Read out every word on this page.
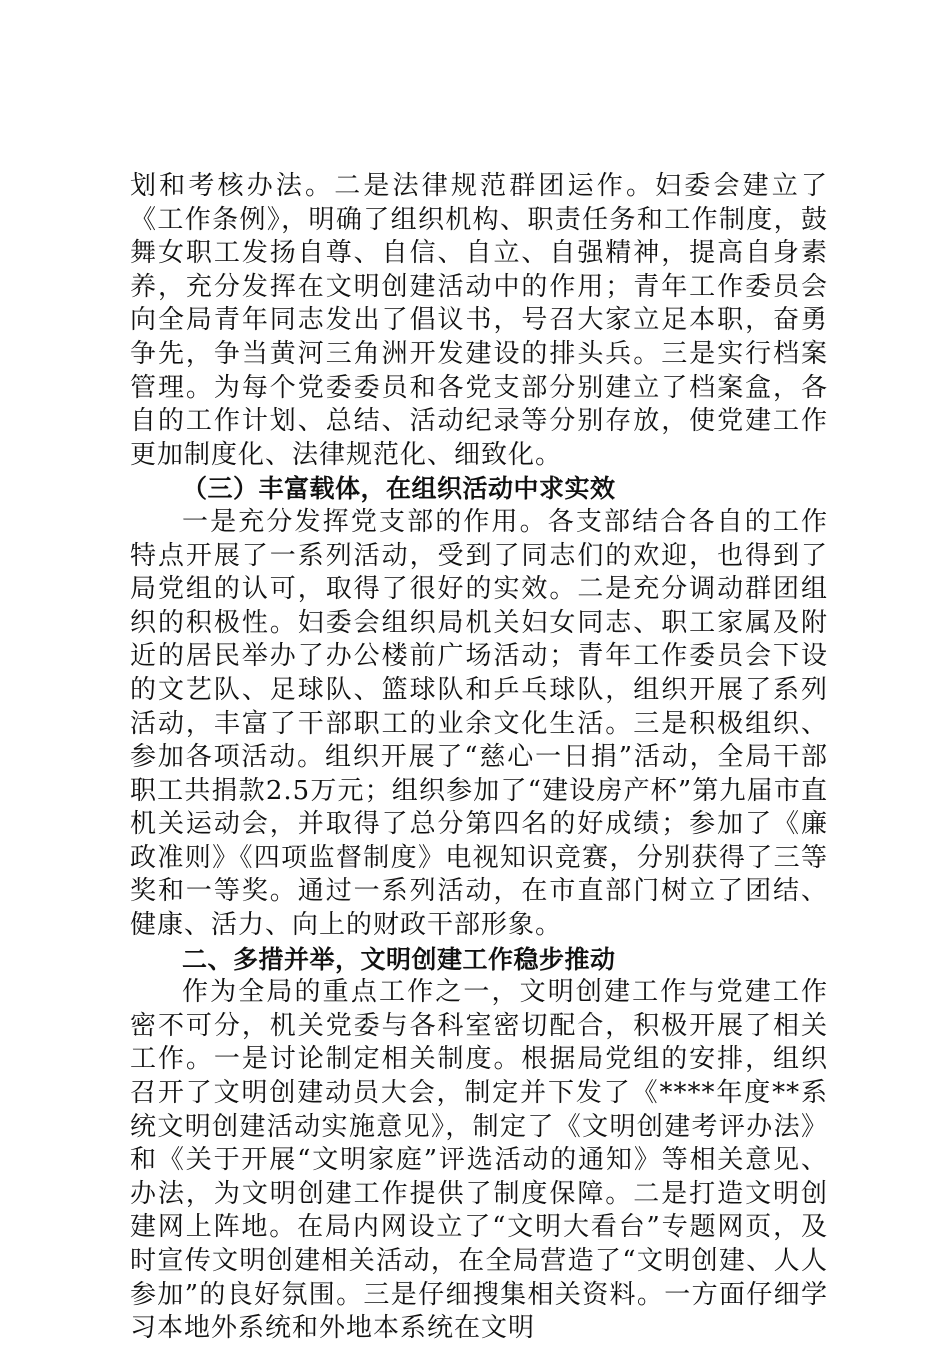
划和考核办法。二是法律规范群团运作。妇委会建立了《工作条例》，明确了组织机构、职责任务和工作制度，鼓舞女职工发扬自尊、自信、自立、自强精神，提高自身素养，充分发挥在文明创建活动中的作用；青年工作委员会向全局青年同志发出了倡议书，号召大家立足本职，奋勇争先，争当黄河三角洲开发建设的排头兵。三是实行档案管理。为每个党委委员和各党支部分别建立了档案盒，各自的工作计划、总结、活动纪录等分别存放，使党建工作更加制度化、法律规范化、细致化。

（三）丰富载体，在组织活动中求实效

一是充分发挥党支部的作用。各支部结合各自的工作特点开展了一系列活动，受到了同志们的欢迎，也得到了局党组的认可，取得了很好的实效。二是充分调动群团组织的积极性。妇委会组织局机关妇女同志、职工家属及附近的居民举办了办公楼前广场活动；青年工作委员会下设的文艺队、足球队、篮球队和乒乓球队，组织开展了系列活动，丰富了干部职工的业余文化生活。三是积极组织、参加各项活动。组织开展了“慈心一日捐”活动，全局干部职工共捐款2.5万元；组织参加了“建设房产杯”第九届市直机关运动会，并取得了总分第四名的好成绩；参加了《廉政准则》《四项监督制度》电视知识竞赛，分别获得了三等奖和一等奖。通过一系列活动，在市直部门树立了团结、健康、活力、向上的财政干部形象。

二、多措并举，文明创建工作稳步推动

作为全局的重点工作之一，文明创建工作与党建工作密不可分，机关党委与各科室密切配合，积极开展了相关工作。一是讨论制定相关制度。根据局党组的安排，组织召开了文明创建动员大会，制定并下发了《****年度**系统文明创建活动实施意见》，制定了《文明创建考评办法》和《关于开展“文明家庭”评选活动的通知》等相关意见、办法，为文明创建工作提供了制度保障。二是打造文明创建网上阵地。在局内网设立了“文明大看台”专题网页，及时宣传文明创建相关活动，在全局营造了“文明创建、人人参加”的良好氛围。三是仔细搜集相关资料。一方面仔细学习本地外系统和外地本系统在文明
